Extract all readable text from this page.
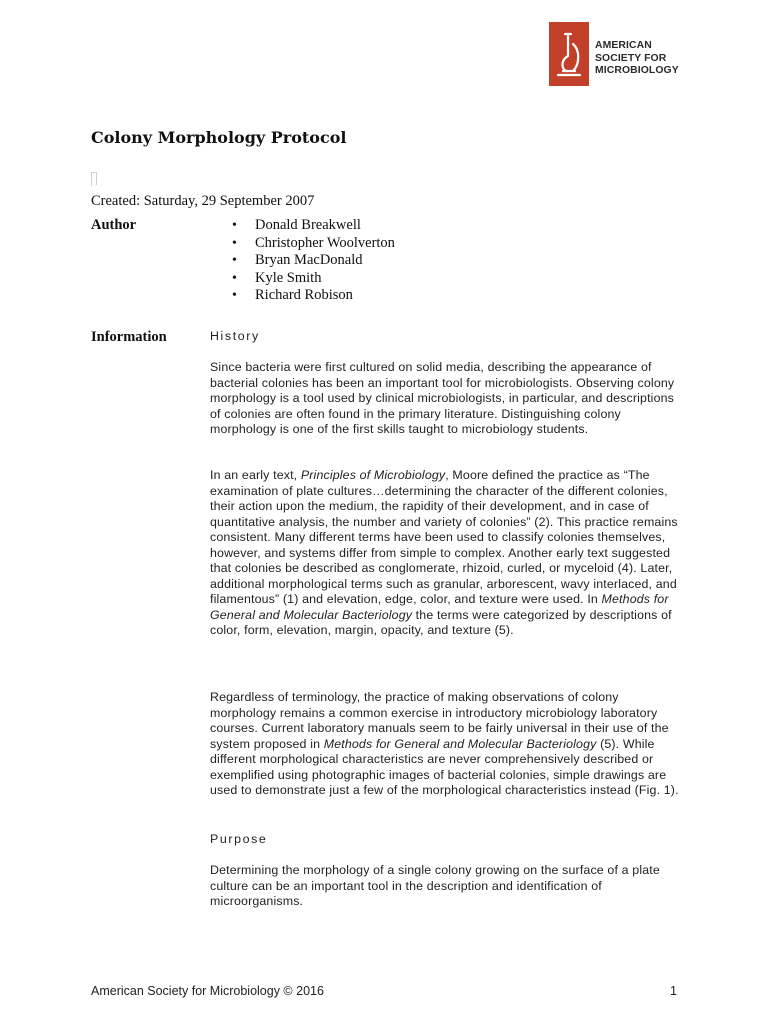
AMERICAN
SOCIETY FOR
MICROBIOLOGY
Colony Morphology Protocol
Created: Saturday, 29 September 2007
Author
•	Donald Breakwell
• Christopher Woolverton
• Bryan MacDonald
• Kyle Smith
• Richard Robison
Information	History

Since bacteria were first cultured on solid media, describing the appearance of bacterial colonies has been an important tool for microbiologists. Observing colony morphology is a tool used by clinical microbiologists, in particular, and descriptions of colonies are often found in the primary literature. Distinguishing colony morphology is one of the first skills taught to microbiology students.

In an early text, Principles of Microbiology, Moore defined the practice as “The examination of plate cultures…determining the character of the different colonies, their action upon the medium, the rapidity of their development, and in case of quantitative analysis, the number and variety of colonies” (2). This practice remains consistent. Many different terms have been used to classify colonies themselves, however, and systems differ from simple to complex. Another early text suggested that colonies be described as conglomerate, rhizoid, curled, or myceloid (4). Later, additional morphological terms such as granular, arborescent, wavy interlaced, and filamentous” (1) and elevation, edge, color, and texture were used. In Methods for General and Molecular Bacteriology the terms were categorized by descriptions of color, form, elevation, margin, opacity, and texture (5).

Regardless of terminology, the practice of making observations of colony morphology remains a common exercise in introductory microbiology laboratory courses. Current laboratory manuals seem to be fairly universal in their use of the system proposed in Methods for General and Molecular Bacteriology (5). While different morphological characteristics are never comprehensively described or exemplified using photographic images of bacterial colonies, simple drawings are used to demonstrate just a few of the morphological characteristics instead (Fig. 1).

Purpose

Determining the morphology of a single colony growing on the surface of a plate culture can be an important tool in the description and identification of microorganisms.

American Society for Microbiology © 2016	1
